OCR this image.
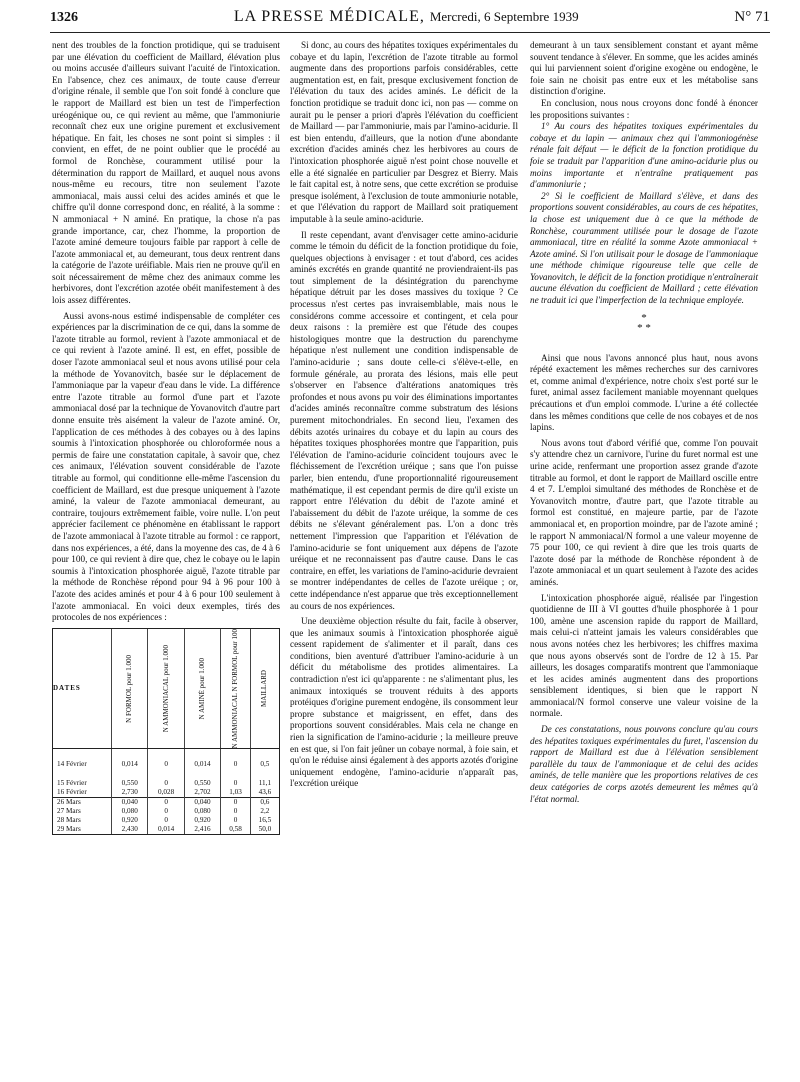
1326	LA PRESSE MÉDICALE, Mercredi, 6 Septembre 1939	N° 71

nent des troubles de la fonction protidique, qui se traduisent par une élévation du coefficient de Maillard, élévation plus ou moins accusée d'ailleurs suivant l'acuité de l'intoxication. En l'absence, chez ces animaux, de toute cause d'erreur d'origine rénale, il semble que l'on soit fondé à conclure que le rapport de Maillard est bien un test de l'imperfection uréogénique ou, ce qui revient au même, que l'ammoniurie reconnaît chez eux une origine purement et exclusivement hépatique. En fait, les choses ne sont point si simples : il convient, en effet, de ne point oublier que le procédé au formol de Ronchèse, couramment utilisé pour la détermination du rapport de Maillard, et auquel nous avons nous-même eu recours, titre non seulement l'azote ammoniacal, mais aussi celui des acides aminés et que le chiffre qu'il donne correspond donc, en réalité, à la somme : N ammoniacal + N aminé. En pratique, la chose n'a pas grande importance, car, chez l'homme, la proportion de l'azote aminé demeure toujours faible par rapport à celle de l'azote ammoniacal et, au demeurant, tous deux rentrent dans la catégorie de l'azote uréifiable. Mais rien ne prouve qu'il en soit nécessairement de même chez des animaux comme les herbivores, dont l'excrétion azotée obéit manifestement à des lois assez différentes.

Aussi avons-nous estimé indispensable de compléter ces expériences par la discrimination de ce qui, dans la somme de l'azote titrable au formol, revient à l'azote ammoniacal et de ce qui revient à l'azote aminé. Il est, en effet, possible de doser l'azote ammoniacal seul et nous avons utilisé pour cela la méthode de Yovanovitch, basée sur le déplacement de l'ammoniaque par la vapeur d'eau dans le vide. La différence entre l'azote titrable au formol d'une part et l'azote ammoniacal dosé par la technique de Yovanovitch d'autre part donne ensuite très aisément la valeur de l'azote aminé. Or, l'application de ces méthodes à des cobayes ou à des lapins soumis à l'intoxication phosphorée ou chloroformée nous a permis de faire une constatation capitale, à savoir que, chez ces animaux, l'élévation souvent considérable de l'azote titrable au formol, qui conditionne elle-même l'ascension du coefficient de Maillard, est due presque uniquement à l'azote aminé, la valeur de l'azote ammoniacal demeurant, au contraire, toujours extrêmement faible, voire nulle. L'on peut apprécier facilement ce phénomène en établissant le rapport de l'azote ammoniacal à l'azote titrable au formol : ce rapport, dans nos expériences, a été, dans la moyenne des cas, de 4 à 6 pour 100, ce qui revient à dire que, chez le cobaye ou le lapin soumis à l'intoxication phosphorée aiguë, l'azote titrable par la méthode de Ronchèse répond pour 94 à 96 pour 100 à l'azote des acides aminés et pour 4 à 6 pour 100 seulement à l'azote ammoniacal. En voici deux exemples, tirés des protocoles de nos expériences :

DATES	N FORMOL pour 1.000	N AMMONIACAL pour 1.000	N AMINÉ pour 1.000	N AMMONIACAL N FORMOL pour 100	MAILLARD

14 Février	0,014	0	0,014	0	0,5
15 Février	0,550	0	0,550	0	11,1
16 Février	2,730	0,028	2,702	1,03	43,6
26 Mars	0,040	0	0,040	0	0,6
27 Mars	0,080	0	0,080	0	2,2
28 Mars	0,920	0	0,920	0	16,5
29 Mars	2,430	0,014	2,416	0,58	50,0

Si donc, au cours des hépatites toxiques expérimentales du cobaye et du lapin, l'excrétion de l'azote titrable au formol augmente dans des proportions parfois considérables, cette augmentation est, en fait, presque exclusivement fonction de l'élévation du taux des acides aminés. Le déficit de la fonction protidique se traduit donc ici, non pas — comme on aurait pu le penser a priori d'après l'élévation du coefficient de Maillard — par l'ammoniurie, mais par l'amino-acidurie. Il est bien entendu, d'ailleurs, que la notion d'une abondante excrétion d'acides aminés chez les herbivores au cours de l'intoxication phosphorée aiguë n'est point chose nouvelle et elle a été signalée en particulier par Desgrez et Bierry. Mais le fait capital est, à notre sens, que cette excrétion se produise presque isolément, à l'exclusion de toute ammoniurie notable, et que l'élévation du rapport de Maillard soit pratiquement imputable à la seule amino-acidurie.

Il reste cependant, avant d'envisager cette amino-acidurie comme le témoin du déficit de la fonction protidique du foie, quelques objections à envisager : et tout d'abord, ces acides aminés excrétés en grande quantité ne proviendraient-ils pas tout simplement de la désintégration du parenchyme hépatique détruit par les doses massives du toxique ? Ce processus n'est certes pas invraisemblable, mais nous le considérons comme accessoire et contingent, et cela pour deux raisons : la première est que l'étude des coupes histologiques montre que la destruction du parenchyme hépatique n'est nullement une condition indispensable de l'amino-acidurie ; sans doute celle-ci s'élève-t-elle, en formule générale, au prorata des lésions, mais elle peut s'observer en l'absence d'altérations anatomiques très profondes et nous avons pu voir des éliminations importantes d'acides aminés reconnaître comme substratum des lésions purement mitochondriales. En second lieu, l'examen des débits azotés urinaires du cobaye et du lapin au cours des hépatites toxiques phosphorées montre que l'apparition, puis l'élévation de l'amino-acidurie coïncident toujours avec le fléchissement de l'excrétion uréique ; sans que l'on puisse parler, bien entendu, d'une proportionnalité rigoureusement mathématique, il est cependant permis de dire qu'il existe un rapport entre l'élévation du débit de l'azote aminé et l'abaissement du débit de l'azote uréique, la somme de ces débits ne s'élevant généralement pas. L'on a donc très nettement l'impression que l'apparition et l'élévation de l'amino-acidurie se font uniquement aux dépens de l'azote uréique et ne reconnaissent pas d'autre cause. Dans le cas contraire, en effet, les variations de l'amino-acidurie devraient se montrer indépendantes de celles de l'azote uréique ; or, cette indépendance n'est apparue que très exceptionnellement au cours de nos expériences.

Une deuxième objection résulte du fait, facile à observer, que les animaux soumis à l'intoxication phosphorée aiguë cessent rapidement de s'alimenter et il paraît, dans ces conditions, bien aventuré d'attribuer l'amino-acidurie à un déficit du métabolisme des protides alimentaires. La contradiction n'est ici qu'apparente : ne s'alimentant plus, les animaux intoxiqués se trouvent réduits à des apports protéiques d'origine purement endogène, ils consomment leur propre substance et maigrissent, en effet, dans des proportions souvent considérables. Mais cela ne change en rien la signification de l'amino-acidurie ; la meilleure preuve en est que, si l'on fait jeûner un cobaye normal, à foie sain, et qu'on le réduise ainsi également à des apports azotés d'origine uniquement endogène, l'amino-acidurie n'apparaît pas, l'excrétion uréique

demeurant à un taux sensiblement constant et ayant même souvent tendance à s'élever. En somme, que les acides aminés qui lui parviennent soient d'origine exogène ou endogène, le foie sain ne choisit pas entre eux et les métabolise sans distinction d'origine.

En conclusion, nous nous croyons donc fondé à énoncer les propositions suivantes :

1° Au cours des hépatites toxiques expérimentales du cobaye et du lapin — animaux chez qui l'ammoniogénèse rénale fait défaut — le déficit de la fonction protidique du foie se traduit par l'apparition d'une amino-acidurie plus ou moins importante et n'entraîne pratiquement pas d'ammoniurie ;

2° Si le coefficient de Maillard s'élève, et dans des proportions souvent considérables, au cours de ces hépatites, la chose est uniquement due à ce que la méthode de Ronchèse, couramment utilisée pour le dosage de l'azote ammoniacal, titre en réalité la somme Azote ammoniacal + Azote aminé. Si l'on utilisait pour le dosage de l'ammoniaque une méthode chimique rigoureuse telle que celle de Yovanovitch, le déficit de la fonction protidique n'entraînerait aucune élévation du coefficient de Maillard ; cette élévation ne traduit ici que l'imperfection de la technique employée.

*
* *

Ainsi que nous l'avons annoncé plus haut, nous avons répété exactement les mêmes recherches sur des carnivores et, comme animal d'expérience, notre choix s'est porté sur le furet, animal assez facilement maniable moyennant quelques précautions et d'un emploi commode. L'urine a été collectée dans les mêmes conditions que celle de nos cobayes et de nos lapins.

Nous avons tout d'abord vérifié que, comme l'on pouvait s'y attendre chez un carnivore, l'urine du furet normal est une urine acide, renfermant une proportion assez grande d'azote titrable au formol, et dont le rapport de Maillard oscille entre 4 et 7. L'emploi simultané des méthodes de Ronchèse et de Yovanovitch montre, d'autre part, que l'azote titrable au formol est constitué, en majeure partie, par de l'azote ammoniacal et, en proportion moindre, par de l'azote aminé ; le rapport N ammoniacal/N formol a une valeur moyenne de 75 pour 100, ce qui revient à dire que les trois quarts de l'azote dosé par la méthode de Ronchèse répondent à de l'azote ammoniacal et un quart seulement à l'azote des acides aminés.

L'intoxication phosphorée aiguë, réalisée par l'ingestion quotidienne de III à VI gouttes d'huile phosphorée à 1 pour 100, amène une ascension rapide du rapport de Maillard, mais celui-ci n'atteint jamais les valeurs considérables que nous avons notées chez les herbivores; les chiffres maxima que nous ayons observés sont de l'ordre de 12 à 15. Par ailleurs, les dosages comparatifs montrent que l'ammoniaque et les acides aminés augmentent dans des proportions sensiblement identiques, si bien que le rapport N ammoniacal/N formol conserve une valeur voisine de la normale.

De ces constatations, nous pouvons conclure qu'au cours des hépatites toxiques expérimentales du furet, l'ascension du rapport de Maillard est due à l'élévation sensiblement parallèle du taux de l'ammoniaque et de celui des acides aminés, de telle manière que les proportions relatives de ces deux catégories de corps azotés demeurent les mêmes qu'à l'état normal.
